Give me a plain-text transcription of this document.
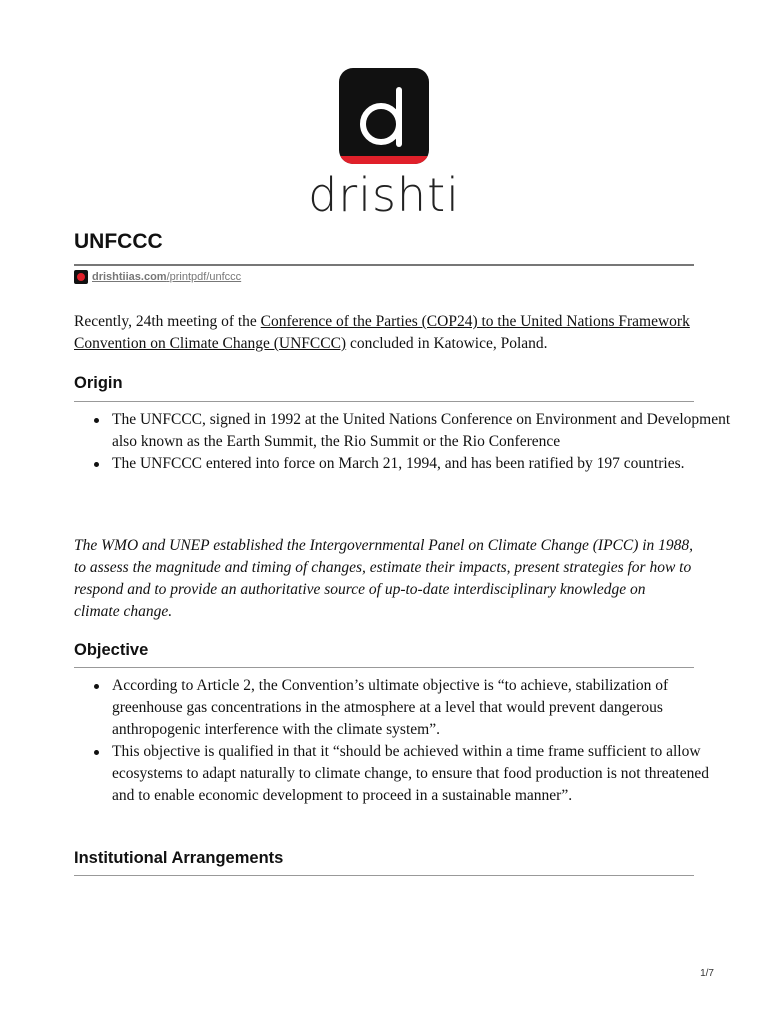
drishti
UNFCCC
drishtiias.com/printpdf/unfccc

Recently, 24th meeting of the Conference of the Parties (COP24) to the United Nations Framework Convention on Climate Change (UNFCCC) concluded in Katowice, Poland.

Origin
The UNFCCC, signed in 1992 at the United Nations Conference on Environment and Development also known as the Earth Summit, the Rio Summit or the Rio Conference
The UNFCCC entered into force on March 21, 1994, and has been ratified by 197 countries.

The WMO and UNEP established the Intergovernmental Panel on Climate Change (IPCC) in 1988, to assess the magnitude and timing of changes, estimate their impacts, present strategies for how to respond and to provide an authoritative source of up-to-date interdisciplinary knowledge on climate change.

Objective
According to Article 2, the Convention’s ultimate objective is “to achieve, stabilization of greenhouse gas concentrations in the atmosphere at a level that would prevent dangerous anthropogenic interference with the climate system”.
This objective is qualified in that it “should be achieved within a time frame sufficient to allow ecosystems to adapt naturally to climate change, to ensure that food production is not threatened and to enable economic development to proceed in a sustainable manner”.
Institutional Arrangements
1/7
